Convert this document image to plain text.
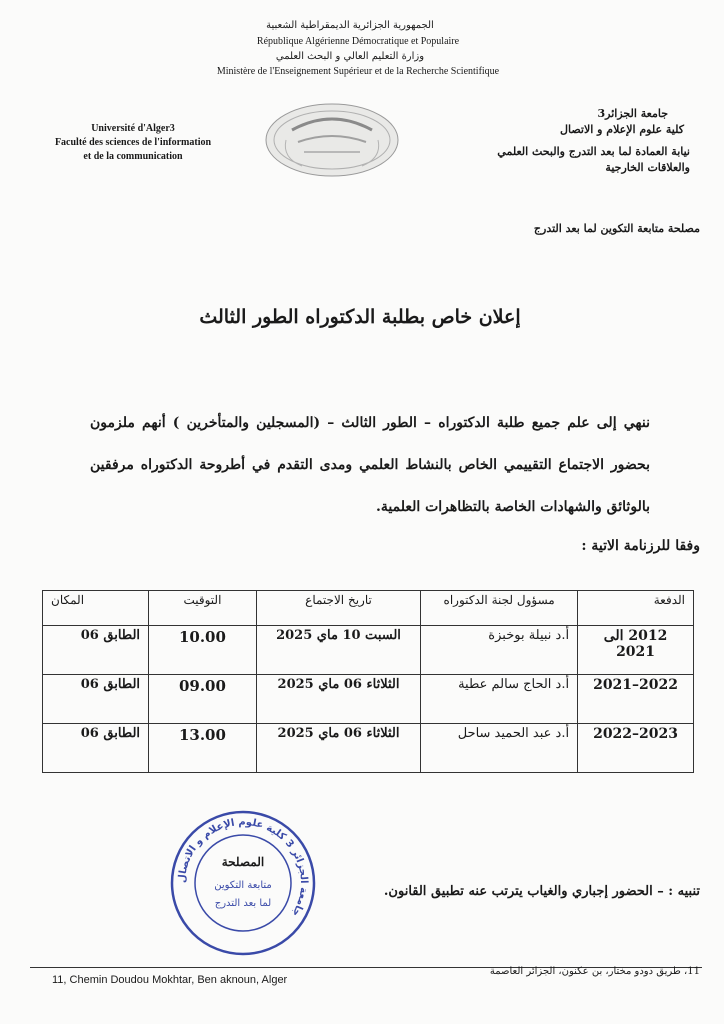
الجمهورية الجزائرية الديمقراطية الشعبية
République Algérienne Démocratique et Populaire
وزارة التعليم العالي و البحث العلمي
Ministère de l'Enseignement Supérieur et de la Recherche Scientifique
Université d'Alger3
Faculté des sciences de l'information
et de la communication
جامعة الجزائر3
كلية علوم الإعلام و الاتصال
نيابة العمادة لما بعد التدرج والبحث العلمي
والعلاقات الخارجية
مصلحة متابعة التكوين لما بعد التدرج
إعلان خاص بطلبة الدكتوراه الطور الثالث
ننهي إلى علم جميع طلبة الدكتوراه – الطور الثالث – (المسجلين والمتأخرين ) أنهم ملزمون بحضور الاجتماع التقييمي الخاص بالنشاط العلمي ومدى التقدم في أطروحة الدكتوراه مرفقين بالوثائق والشهادات الخاصة بالتظاهرات العلمية.
وفقا للرزنامة الاتية :
الدفعة	مسؤول لجنة الدكتوراه	تاريخ الاجتماع	التوقيت	المكان
2012 الى 2021	أ.د نبيلة بوخبزة	السبت 10 ماي 2025	10.00	الطابق 06
2022–2021	أ.د الحاج سالم عطية	الثلاثاء 06 ماي 2025	09.00	الطابق 06
2023–2022	أ.د عبد الحميد ساحل	الثلاثاء 06 ماي 2025	13.00	الطابق 06
جامعة الجزائر 3 كلية علوم الإعلام و الاتصال
المصلحة
متابعة التكوين
لما بعد التدرج
تنبيه : – الحضور إجباري والغياب يترتب عنه تطبيق القانون.
11, Chemin Doudou Mokhtar, Ben aknoun, Alger
11، طريق دودو مختار، بن عكنون، الجزائر العاصمة
